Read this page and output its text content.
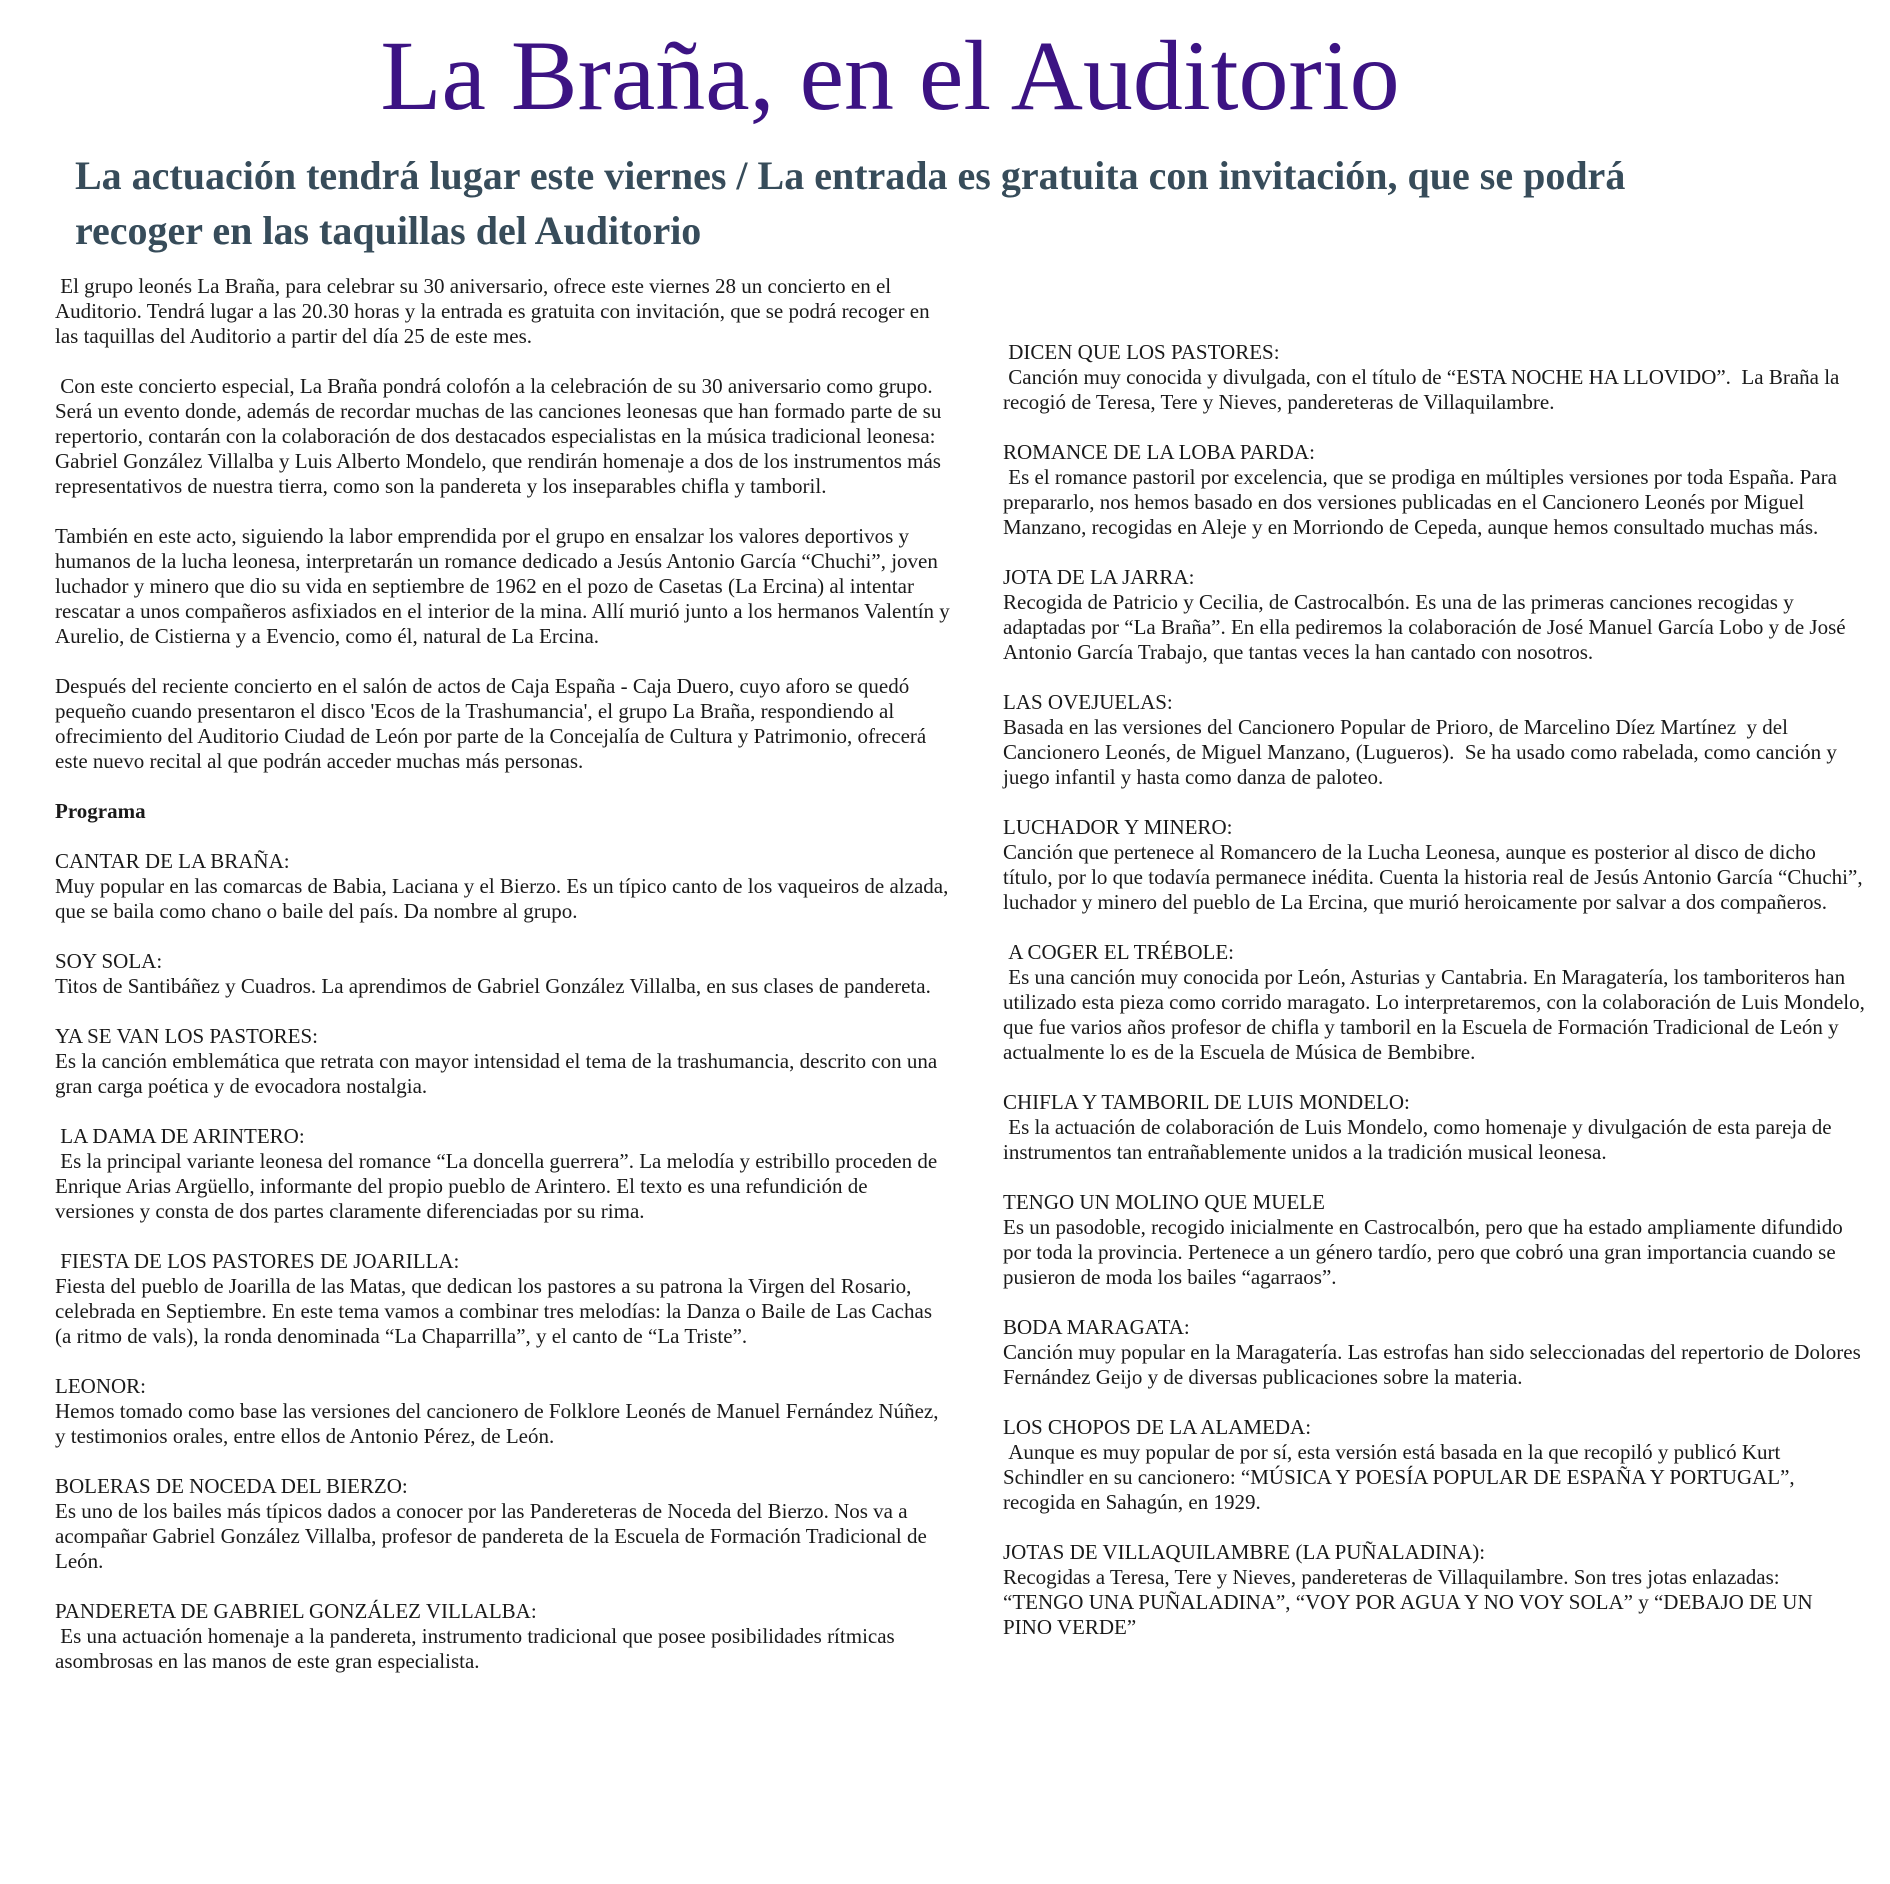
La Braña, en el Auditorio
La actuación tendrá lugar este viernes / La entrada es gratuita con invitación, que se podrá
recoger en las taquillas del Auditorio

El grupo leonés La Braña, para celebrar su 30 aniversario, ofrece este viernes 28 un concierto en el Auditorio. Tendrá lugar a las 20.30 horas y la entrada es gratuita con invitación, que se podrá recoger en las taquillas del Auditorio a partir del día 25 de este mes.

Con este concierto especial, La Braña pondrá colofón a la celebración de su 30 aniversario como grupo. Será un evento donde, además de recordar muchas de las canciones leonesas que han formado parte de su repertorio, contarán con la colaboración de dos destacados especialistas en la música tradicional leonesa: Gabriel González Villalba y Luis Alberto Mondelo, que rendirán homenaje a dos de los instrumentos más representativos de nuestra tierra, como son la pandereta y los inseparables chifla y tamboril.

También en este acto, siguiendo la labor emprendida por el grupo en ensalzar los valores deportivos y humanos de la lucha leonesa, interpretarán un romance dedicado a Jesús Antonio García “Chuchi”, joven luchador y minero que dio su vida en septiembre de 1962 en el pozo de Casetas (La Ercina) al intentar rescatar a unos compañeros asfixiados en el interior de la mina. Allí murió junto a los hermanos Valentín y Aurelio, de Cistierna y a Evencio, como él, natural de La Ercina.

Después del reciente concierto en el salón de actos de Caja España - Caja Duero, cuyo aforo se quedó pequeño cuando presentaron el disco 'Ecos de la Trashumancia', el grupo La Braña, respondiendo al ofrecimiento del Auditorio Ciudad de León por parte de la Concejalía de Cultura y Patrimonio, ofrecerá este nuevo recital al que podrán acceder muchas más personas.

Programa

CANTAR DE LA BRAÑA:
Muy popular en las comarcas de Babia, Laciana y el Bierzo. Es un típico canto de los vaqueiros de alzada, que se baila como chano o baile del país. Da nombre al grupo.
SOY SOLA:
Titos de Santibáñez y Cuadros. La aprendimos de Gabriel González Villalba, en sus clases de pandereta.
YA SE VAN LOS PASTORES:
Es la canción emblemática que retrata con mayor intensidad el tema de la trashumancia, descrito con una gran carga poética y de evocadora nostalgia.
LA DAMA DE ARINTERO:
Es la principal variante leonesa del romance “La doncella guerrera”. La melodía y estribillo proceden de Enrique Arias Argüello, informante del propio pueblo de Arintero. El texto es una refundición de versiones y consta de dos partes claramente diferenciadas por su rima.
FIESTA DE LOS PASTORES DE JOARILLA:
Fiesta del pueblo de Joarilla de las Matas, que dedican los pastores a su patrona la Virgen del Rosario, celebrada en Septiembre. En este tema vamos a combinar tres melodías: la Danza o Baile de Las Cachas (a ritmo de vals), la ronda denominada “La Chaparrilla”, y el canto de “La Triste”.
LEONOR:
Hemos tomado como base las versiones del cancionero de Folklore Leonés de Manuel Fernández Núñez, y testimonios orales, entre ellos de Antonio Pérez, de León.
BOLERAS DE NOCEDA DEL BIERZO:
Es uno de los bailes más típicos dados a conocer por las Pandereteras de Noceda del Bierzo. Nos va a acompañar Gabriel González Villalba, profesor de pandereta de la Escuela de Formación Tradicional de León.
PANDERETA DE GABRIEL GONZÁLEZ VILLALBA:
Es una actuación homenaje a la pandereta, instrumento tradicional que posee posibilidades rítmicas asombrosas en las manos de este gran especialista.
DICEN QUE LOS PASTORES:
Canción muy conocida y divulgada, con el título de “ESTA NOCHE HA LLOVIDO”.  La Braña la recogió de Teresa, Tere y Nieves, pandereteras de Villaquilambre.
ROMANCE DE LA LOBA PARDA:
Es el romance pastoril por excelencia, que se prodiga en múltiples versiones por toda España. Para prepararlo, nos hemos basado en dos versiones publicadas en el Cancionero Leonés por Miguel Manzano, recogidas en Aleje y en Morriondo de Cepeda, aunque hemos consultado muchas más.
JOTA DE LA JARRA:
Recogida de Patricio y Cecilia, de Castrocalbón. Es una de las primeras canciones recogidas y adaptadas por “La Braña”. En ella pediremos la colaboración de José Manuel García Lobo y de José Antonio García Trabajo, que tantas veces la han cantado con nosotros.
LAS OVEJUELAS:
Basada en las versiones del Cancionero Popular de Prioro, de Marcelino Díez Martínez  y del Cancionero Leonés, de Miguel Manzano, (Lugueros).  Se ha usado como rabelada, como canción y juego infantil y hasta como danza de paloteo.
LUCHADOR Y MINERO:
Canción que pertenece al Romancero de la Lucha Leonesa, aunque es posterior al disco de dicho título, por lo que todavía permanece inédita. Cuenta la historia real de Jesús Antonio García “Chuchi”, luchador y minero del pueblo de La Ercina, que murió heroicamente por salvar a dos compañeros.
A COGER EL TRÉBOLE:
Es una canción muy conocida por León, Asturias y Cantabria. En Maragatería, los tamboriteros han utilizado esta pieza como corrido maragato. Lo interpretaremos, con la colaboración de Luis Mondelo, que fue varios años profesor de chifla y tamboril en la Escuela de Formación Tradicional de León y actualmente lo es de la Escuela de Música de Bembibre.
CHIFLA Y TAMBORIL DE LUIS MONDELO:
Es la actuación de colaboración de Luis Mondelo, como homenaje y divulgación de esta pareja de instrumentos tan entrañablemente unidos a la tradición musical leonesa.
TENGO UN MOLINO QUE MUELE
Es un pasodoble, recogido inicialmente en Castrocalbón, pero que ha estado ampliamente difundido por toda la provincia. Pertenece a un género tardío, pero que cobró una gran importancia cuando se pusieron de moda los bailes “agarraos”.
BODA MARAGATA:
Canción muy popular en la Maragatería. Las estrofas han sido seleccionadas del repertorio de Dolores Fernández Geijo y de diversas publicaciones sobre la materia.
LOS CHOPOS DE LA ALAMEDA:
Aunque es muy popular de por sí, esta versión está basada en la que recopiló y publicó Kurt Schindler en su cancionero: “MÚSICA Y POESÍA POPULAR DE ESPAÑA Y PORTUGAL”, recogida en Sahagún, en 1929.
JOTAS DE VILLAQUILAMBRE (LA PUÑALADINA):
Recogidas a Teresa, Tere y Nieves, pandereteras de Villaquilambre. Son tres jotas enlazadas: “TENGO UNA PUÑALADINA”, “VOY POR AGUA Y NO VOY SOLA” y “DEBAJO DE UN PINO VERDE”
